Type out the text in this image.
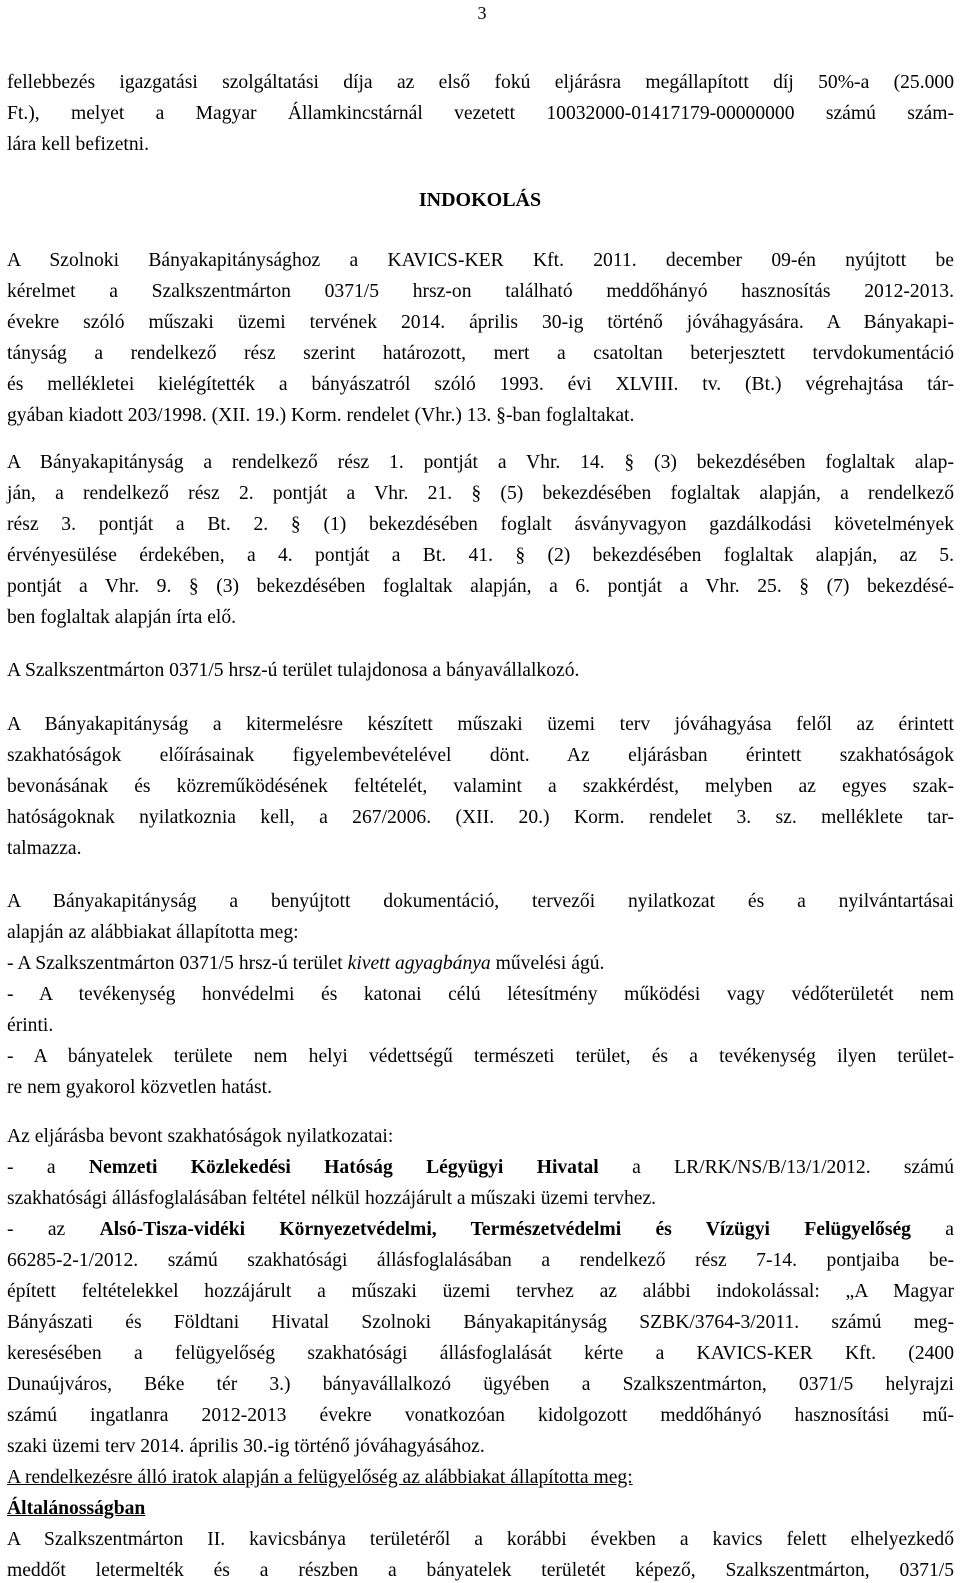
3
fellebbezés igazgatási szolgáltatási díja az első fokú eljárásra megállapított díj 50%-a (25.000
Ft.), melyet a Magyar Államkincstárnál vezetett 10032000-01417179-00000000 számú szám-
lára kell befizetni.
INDOKOLÁS
A Szolnoki Bányakapitánysághoz a KAVICS-KER Kft. 2011. december 09-én nyújtott be
kérelmet a Szalkszentmárton 0371/5 hrsz-on található meddőhányó hasznosítás 2012-2013.
évekre szóló műszaki üzemi tervének 2014. április 30-ig történő jóváhagyására. A Bányakapi-
tányság a rendelkező rész szerint határozott, mert a csatoltan beterjesztett tervdokumentáció
és mellékletei kielégítették a bányászatról szóló 1993. évi XLVIII. tv. (Bt.) végrehajtása tár-
gyában kiadott 203/1998. (XII. 19.) Korm. rendelet (Vhr.) 13. §-ban foglaltakat.
A Bányakapitányság a rendelkező rész 1. pontját a Vhr. 14. § (3) bekezdésében foglaltak alap-
ján, a rendelkező rész 2. pontját a Vhr. 21. § (5) bekezdésében foglaltak alapján, a rendelkező
rész 3. pontját a Bt. 2. § (1) bekezdésében foglalt ásványvagyon gazdálkodási követelmények
érvényesülése érdekében, a 4. pontját a Bt. 41. § (2) bekezdésében foglaltak alapján, az 5.
pontját a Vhr. 9. § (3) bekezdésében foglaltak alapján, a 6. pontját a Vhr. 25. § (7) bekezdésé-
ben foglaltak alapján írta elő.
A Szalkszentmárton 0371/5 hrsz-ú terület tulajdonosa a bányavállalkozó.
A Bányakapitányság a kitermelésre készített műszaki üzemi terv jóváhagyása felől az érintett
szakhatóságok előírásainak figyelembevételével dönt. Az eljárásban érintett szakhatóságok
bevonásának és közreműködésének feltételét, valamint a szakkérdést, melyben az egyes szak-
hatóságoknak nyilatkoznia kell, a 267/2006. (XII. 20.) Korm. rendelet 3. sz. melléklete tar-
talmazza.
A Bányakapitányság a benyújtott dokumentáció, tervezői nyilatkozat és a nyilvántartásai
alapján az alábbiakat állapította meg:
- A Szalkszentmárton 0371/5 hrsz-ú terület kivett agyagbánya művelési ágú.
- A tevékenység honvédelmi és katonai célú létesítmény működési vagy védőterületét nem
érinti.
- A bányatelek területe nem helyi védettségű természeti terület, és a tevékenység ilyen terület-
re nem gyakorol közvetlen hatást.
Az eljárásba bevont szakhatóságok nyilatkozatai:
- a Nemzeti Közlekedési Hatóság Légyügyi Hivatal a LR/RK/NS/B/13/1/2012. számú
szakhatósági állásfoglalásában feltétel nélkül hozzájárult a műszaki üzemi tervhez.
- az Alsó-Tisza-vidéki Környezetvédelmi, Természetvédelmi és Vízügyi Felügyelőség a
66285-2-1/2012. számú szakhatósági állásfoglalásában a rendelkező rész 7-14. pontjaiba be-
épített feltételekkel hozzájárult a műszaki üzemi tervhez az alábbi indokolással: „A Magyar
Bányászati és Földtani Hivatal Szolnoki Bányakapitányság SZBK/3764-3/2011. számú meg-
keresésében a felügyelőség szakhatósági állásfoglalását kérte a KAVICS-KER Kft. (2400
Dunaújváros, Béke tér 3.) bányavállalkozó ügyében a Szalkszentmárton, 0371/5 helyrajzi
számú ingatlanra 2012-2013 évekre vonatkozóan kidolgozott meddőhányó hasznosítási mű-
szaki üzemi terv 2014. április 30.-ig történő jóváhagyásához.
A rendelkezésre álló iratok alapján a felügyelőség az alábbiakat állapította meg:
Általánosságban
A Szalkszentmárton II. kavicsbánya területéről a korábbi években a kavics felett elhelyezkedő
meddőt letermelték és a részben a bányatelek területét képező, Szalkszentmárton, 0371/5
